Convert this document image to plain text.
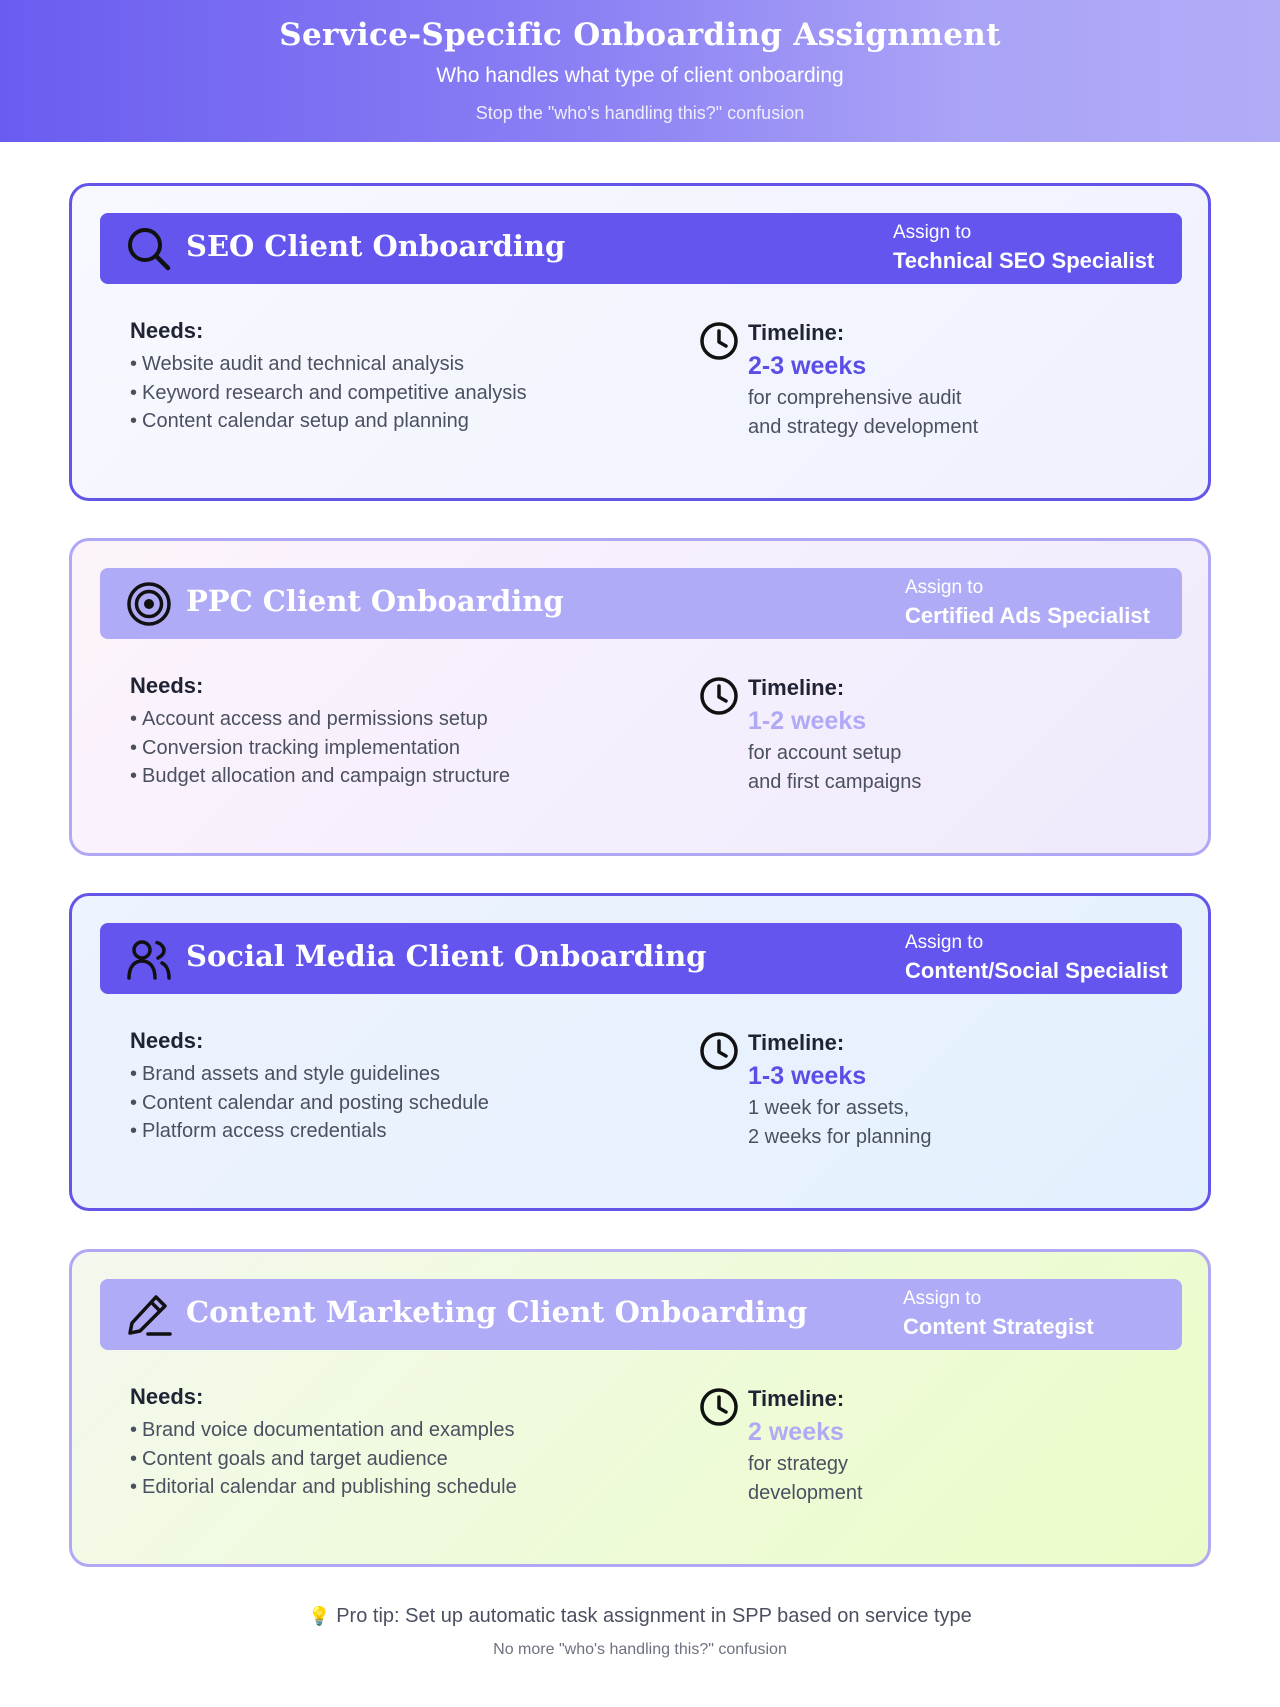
Service-Specific Onboarding Assignment
Who handles what type of client onboarding
Stop the "who's handling this?" confusion
SEO Client Onboarding	Assign to
Technical SEO Specialist
Needs:
• Website audit and technical analysis
• Keyword research and competitive analysis
• Content calendar setup and planning
Timeline:
2-3 weeks
for comprehensive audit
and strategy development
PPC Client Onboarding	Assign to
Certified Ads Specialist
Needs:
• Account access and permissions setup
• Conversion tracking implementation
• Budget allocation and campaign structure
Timeline:
1-2 weeks
for account setup
and first campaigns
Social Media Client Onboarding	Assign to
Content/Social Specialist
Needs:
• Brand assets and style guidelines
• Content calendar and posting schedule
• Platform access credentials
Timeline:
1-3 weeks
1 week for assets,
2 weeks for planning
Content Marketing Client Onboarding	Assign to
Content Strategist
Needs:
• Brand voice documentation and examples
• Content goals and target audience
• Editorial calendar and publishing schedule
Timeline:
2 weeks
for strategy
development
💡 Pro tip: Set up automatic task assignment in SPP based on service type
No more "who's handling this?" confusion
